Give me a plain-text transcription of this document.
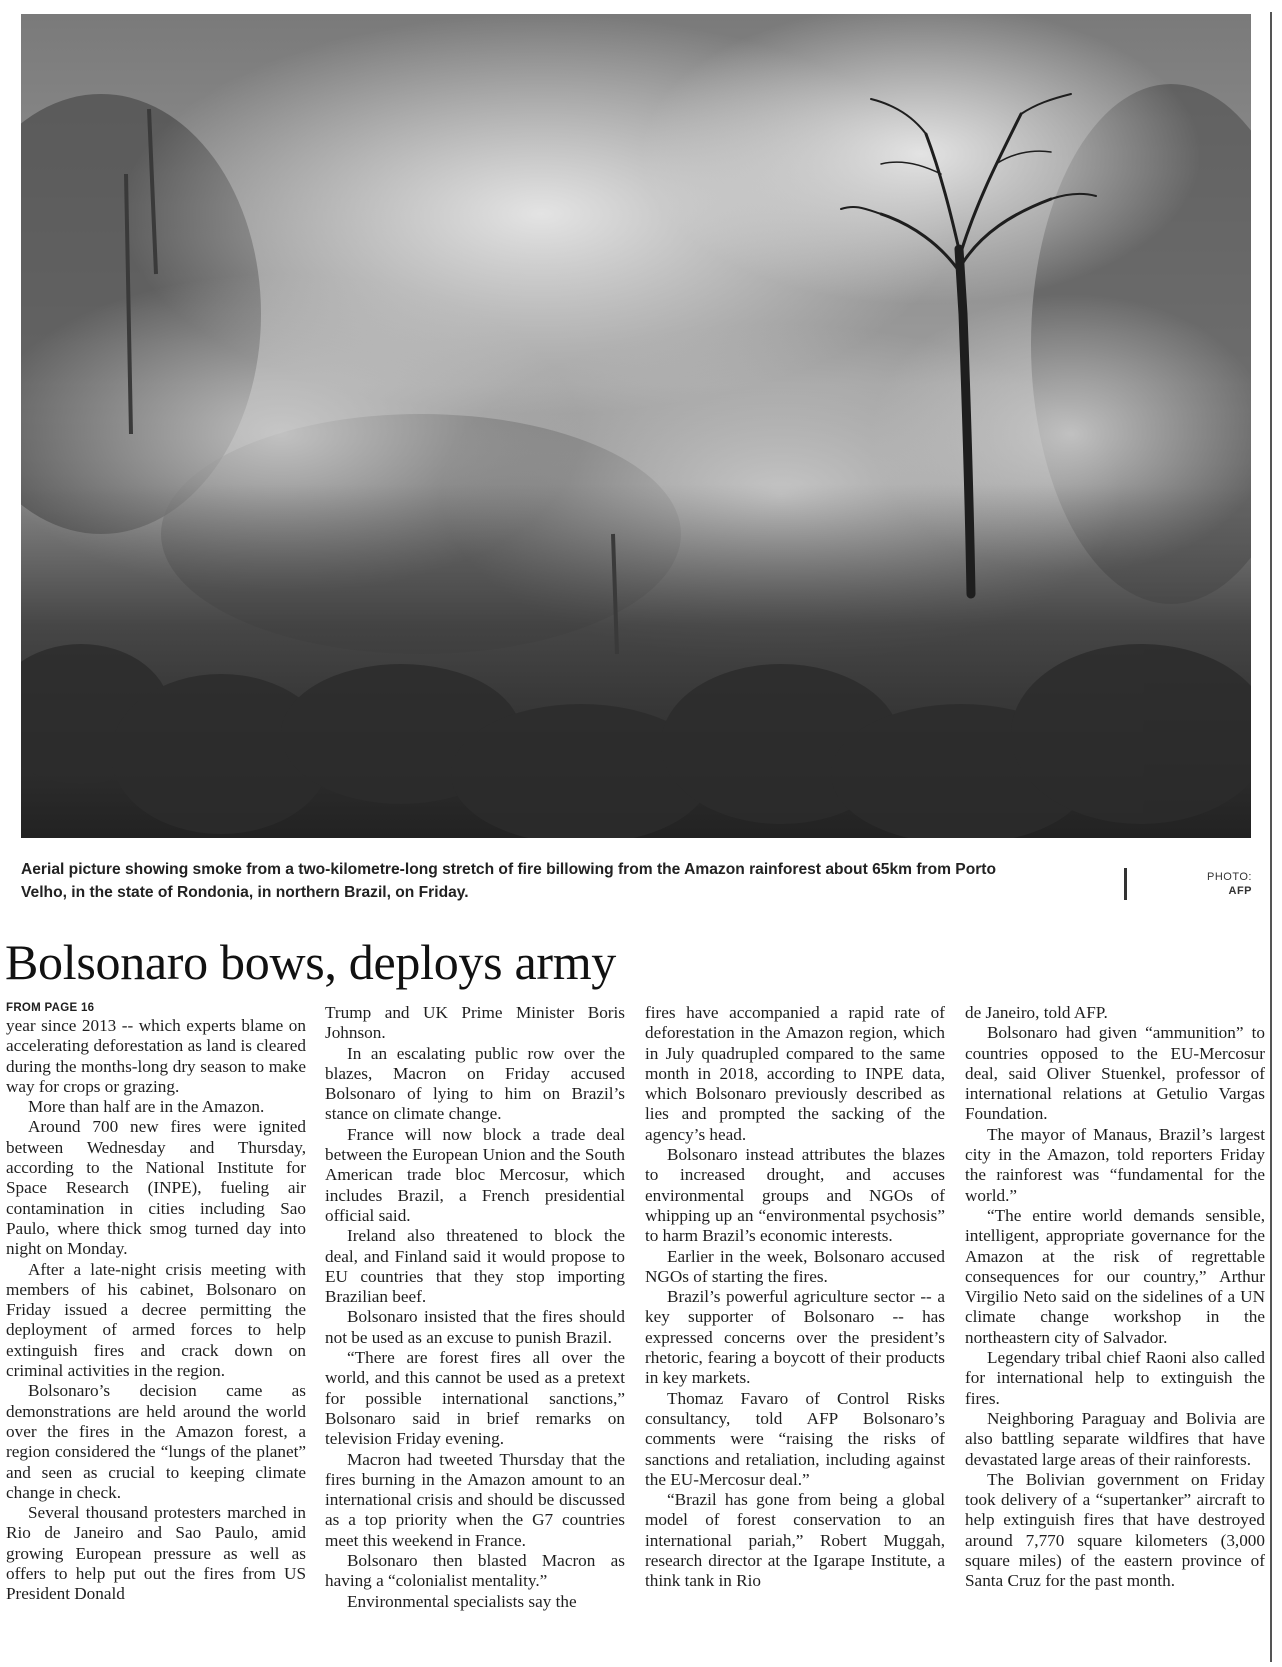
Aerial picture showing smoke from a two-kilometre-long stretch of fire billowing from the Amazon rainforest about 65km from Porto Velho, in the state of Rondonia, in northern Brazil, on Friday.
PHOTO:
AFP
Bolsonaro bows, deploys army
FROM PAGE 16

year since 2013 -- which experts blame on accelerating deforestation as land is cleared during the months-long dry season to make way for crops or grazing.

More than half are in the Amazon.

Around 700 new fires were ignited between Wednesday and Thursday, according to the National Institute for Space Research (INPE), fueling air contamination in cities including Sao Paulo, where thick smog turned day into night on Monday.

After a late-night crisis meeting with members of his cabinet, Bolsonaro on Friday issued a decree permitting the deployment of armed forces to help extinguish fires and crack down on criminal activities in the region.

Bolsonaro’s decision came as demonstrations are held around the world over the fires in the Amazon forest, a region considered the “lungs of the planet” and seen as crucial to keeping climate change in check.

Several thousand protesters marched in Rio de Janeiro and Sao Paulo, amid growing European pressure as well as offers to help put out the fires from US President Donald

Trump and UK Prime Minister Boris Johnson.

In an escalating public row over the blazes, Macron on Friday accused Bolsonaro of lying to him on Brazil’s stance on climate change.

France will now block a trade deal between the European Union and the South American trade bloc Mercosur, which includes Brazil, a French presidential official said.

Ireland also threatened to block the deal, and Finland said it would propose to EU countries that they stop importing Brazilian beef.

Bolsonaro insisted that the fires should not be used as an excuse to punish Brazil.

“There are forest fires all over the world, and this cannot be used as a pretext for possible international sanctions,” Bolsonaro said in brief remarks on television Friday evening.

Macron had tweeted Thursday that the fires burning in the Amazon amount to an international crisis and should be discussed as a top priority when the G7 countries meet this weekend in France.

Bolsonaro then blasted Macron as having a “colonialist mentality.”

Environmental specialists say the

fires have accompanied a rapid rate of deforestation in the Amazon region, which in July quadrupled compared to the same month in 2018, according to INPE data, which Bolsonaro previously described as lies and prompted the sacking of the agency’s head.

Bolsonaro instead attributes the blazes to increased drought, and accuses environmental groups and NGOs of whipping up an “environmental psychosis” to harm Brazil’s economic interests.

Earlier in the week, Bolsonaro accused NGOs of starting the fires.

Brazil’s powerful agriculture sector -- a key supporter of Bolsonaro -- has expressed concerns over the president’s rhetoric, fearing a boycott of their products in key markets.

Thomaz Favaro of Control Risks consultancy, told AFP Bolsonaro’s comments were “raising the risks of sanctions and retaliation, including against the EU-Mercosur deal.”

“Brazil has gone from being a global model of forest conservation to an international pariah,” Robert Muggah, research director at the Igarape Institute, a think tank in Rio

de Janeiro, told AFP.

Bolsonaro had given “ammunition” to countries opposed to the EU-Mercosur deal, said Oliver Stuenkel, professor of international relations at Getulio Vargas Foundation.

The mayor of Manaus, Brazil’s largest city in the Amazon, told reporters Friday the rainforest was “fundamental for the world.”

“The entire world demands sensible, intelligent, appropriate governance for the Amazon at the risk of regrettable consequences for our country,” Arthur Virgilio Neto said on the sidelines of a UN climate change workshop in the northeastern city of Salvador.

Legendary tribal chief Raoni also called for international help to extinguish the fires.

Neighboring Paraguay and Bolivia are also battling separate wildfires that have devastated large areas of their rainforests.

The Bolivian government on Friday took delivery of a “supertanker” aircraft to help extinguish fires that have destroyed around 7,770 square kilometers (3,000 square miles) of the eastern province of Santa Cruz for the past month.
